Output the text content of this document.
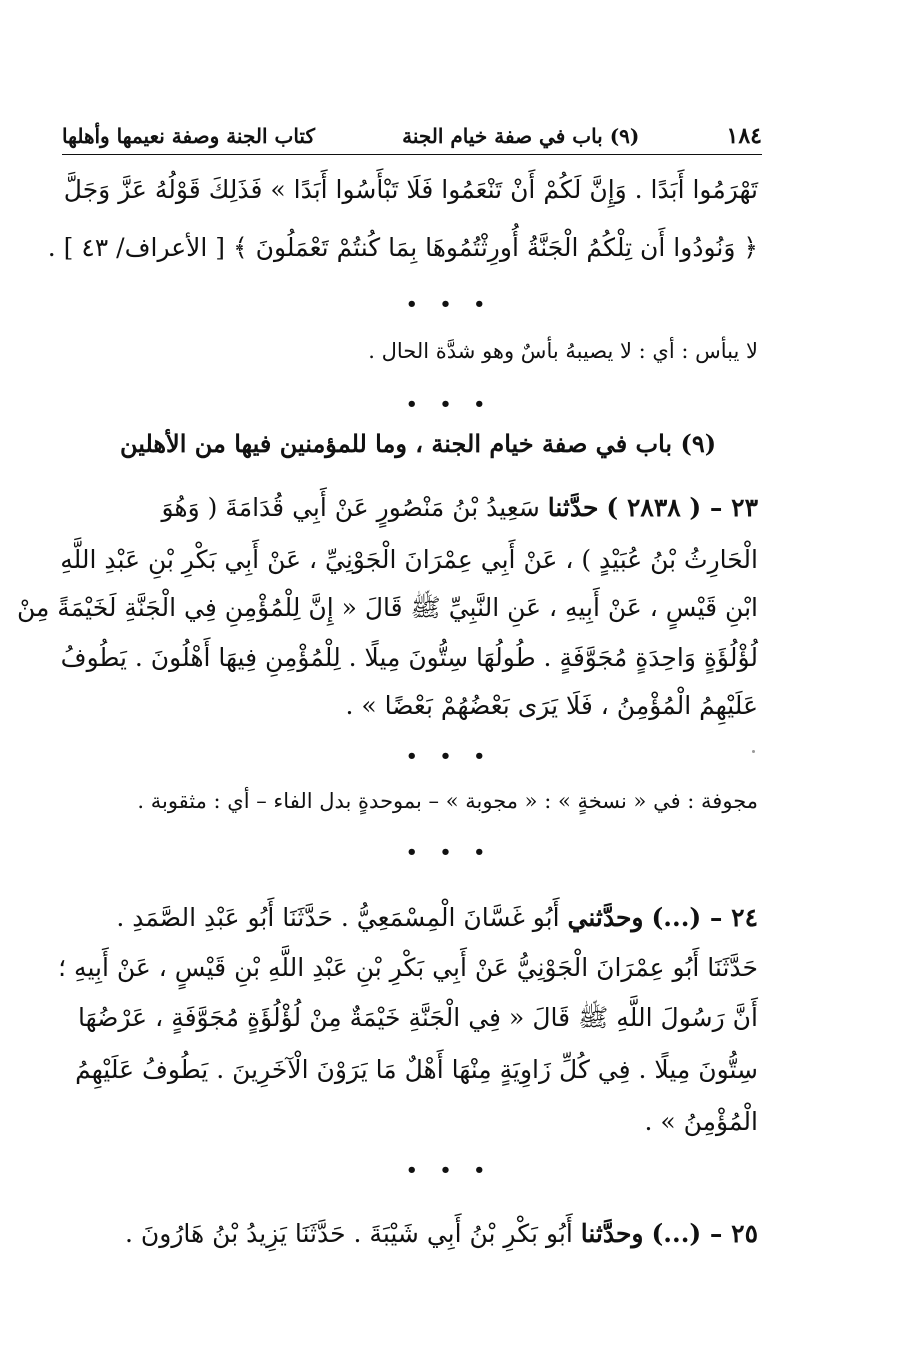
١٨٤
(٩) باب في صفة خيام الجنة
كتاب الجنة وصفة نعيمها وأهلها
تَهْرَمُوا أَبَدًا . وَإِنَّ لَكُمْ أَنْ تَنْعَمُوا فَلَا تَبْأَسُوا أَبَدًا » فَذَلِكَ قَوْلُهُ عَزَّ وَجَلَّ
﴿ وَنُودُوا أَن تِلْكُمُ الْجَنَّةُ أُورِثْتُمُوهَا بِمَا كُنتُمْ تَعْمَلُونَ ﴾ [ الأعراف/ ٤٣ ] .
• • •
لا يبأس : أي : لا يصيبهُ بأسٌ وهو شدَّة الحال .
• • •
(٩) باب في صفة خيام الجنة ، وما للمؤمنين فيها من الأهلين
٢٣ – ( ٢٨٣٨ ) حدَّثنا سَعِيدُ بْنُ مَنْصُورٍ عَنْ أَبِي قُدَامَةَ ( وَهُوَ
الْحَارِثُ بْنُ عُبَيْدٍ ) ، عَنْ أَبِي عِمْرَانَ الْجَوْنِيِّ ، عَنْ أَبِي بَكْرِ بْنِ عَبْدِ اللَّهِ
ابْنِ قَيْسٍ ، عَنْ أَبِيهِ ، عَنِ النَّبِيِّ ﷺ قَالَ « إِنَّ لِلْمُؤْمِنِ فِي الْجَنَّةِ لَخَيْمَةً مِنْ
لُؤْلُؤَةٍ وَاحِدَةٍ مُجَوَّفَةٍ . طُولُهَا سِتُّونَ مِيلًا . لِلْمُؤْمِنِ فِيهَا أَهْلُونَ . يَطُوفُ
عَلَيْهِمُ الْمُؤْمِنُ ، فَلَا يَرَى بَعْضُهُمْ بَعْضًا » .
• • •
مجوفة : في « نسخةٍ » : « مجوبة » – بموحدةٍ بدل الفاء – أي : مثقوبة .
• • •
٢٤ – (...) وحدَّثني أَبُو غَسَّانَ الْمِسْمَعِيُّ . حَدَّثَنَا أَبُو عَبْدِ الصَّمَدِ .
حَدَّثَنَا أَبُو عِمْرَانَ الْجَوْنِيُّ عَنْ أَبِي بَكْرِ بْنِ عَبْدِ اللَّهِ بْنِ قَيْسٍ ، عَنْ أَبِيهِ ؛
أَنَّ رَسُولَ اللَّهِ ﷺ قَالَ « فِي الْجَنَّةِ خَيْمَةٌ مِنْ لُؤْلُؤَةٍ مُجَوَّفَةٍ ، عَرْضُهَا
سِتُّونَ مِيلًا . فِي كُلِّ زَاوِيَةٍ مِنْهَا أَهْلٌ مَا يَرَوْنَ الْآخَرِينَ . يَطُوفُ عَلَيْهِمُ
الْمُؤْمِنُ » .
• • •
٢٥ – (...) وحدَّثنا أَبُو بَكْرِ بْنُ أَبِي شَيْبَةَ . حَدَّثَنَا يَزِيدُ بْنُ هَارُونَ .
